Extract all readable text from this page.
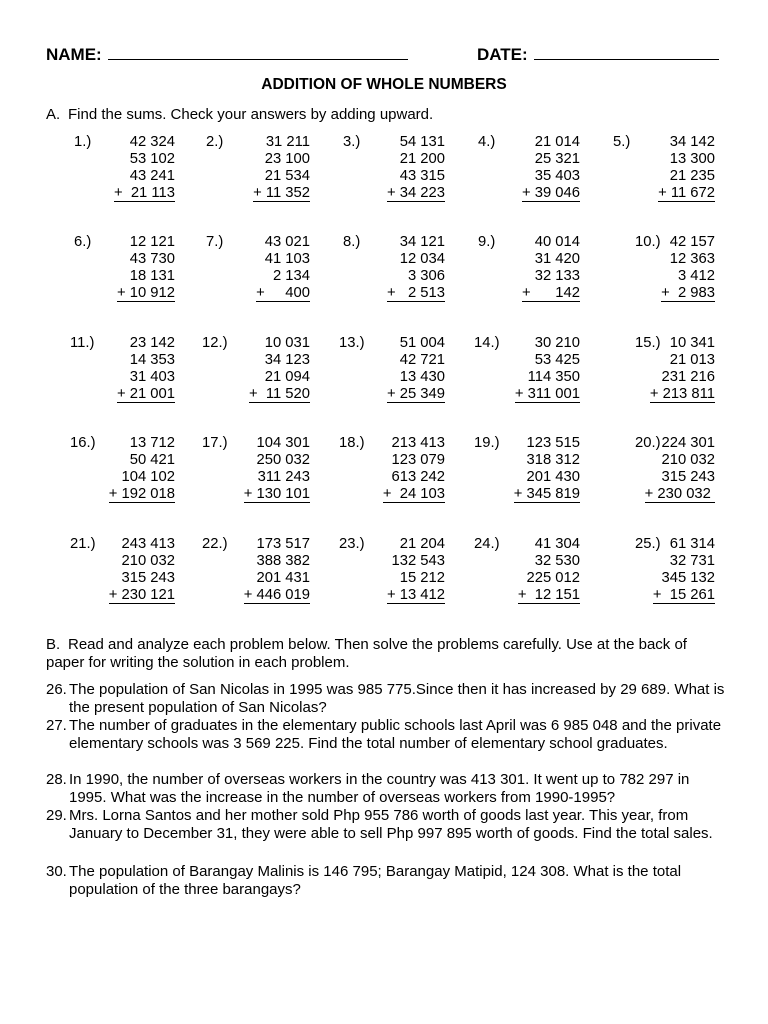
NAME:	DATE:
ADDITION OF WHOLE NUMBERS
A. Find the sums. Check your answers by adding upward.
1.)	42 324
53 102
43 241
+  21 113
2.)	31 211
23 100
21 534
+ 11 352
3.)	54 131
21 200
43 315
+ 34 223
4.)	21 014
25 321
35 403
+ 39 046
5.)	34 142
13 300
21 235
+ 11 672
6.)	12 121
43 730
18 131
+ 10 912
7.)	43 021
41 103
2 134
+     400
8.)	34 121
12 034
3 306
+   2 513
9.)	40 014
31 420
32 133
+      142
10.) 42 157
12 363
3 412
+  2 983
11.)	23 142
14 353
31 403
+ 21 001
12.)	10 031
34 123
21 094
+  11 520
13.)	51 004
42 721
13 430
+ 25 349
14.)	30 210
53 425
114 350
+ 311 001
15.) 10 341
21 013
231 216
+ 213 811
16.)	13 712
50 421
104 102
+ 192 018
17.)	104 301
250 032
311 243
+ 130 101
18.)	213 413
123 079
613 242
+  24 103
19.)	123 515
318 312
201 430
+ 345 819
20.) 224 301
210 032
315 243
+ 230 032
21.)	243 413
210 032
315 243
+ 230 121
22.)	173 517
388 382
201 431
+ 446 019
23.)	21 204
132 543
15 212
+ 13 412
24.)	41 304
32 530
225 012
+  12 151
25.) 61 314
32 731
345 132
+  15 261
B. Read and analyze each problem below. Then solve the problems carefully. Use at the back of paper for writing the solution in each problem.
26. The population of San Nicolas in 1995 was 985 775.Since then it has increased by 29 689. What is the present population of San Nicolas?
27. The number of graduates in the elementary public schools last April was 6 985 048 and the private elementary schools was 3 569 225. Find the total number of elementary school graduates.
28. In 1990, the number of overseas workers in the country was 413 301. It went up to 782 297 in 1995. What was the increase in the number of overseas workers from 1990-1995?
29. Mrs. Lorna Santos and her mother sold Php 955 786 worth of goods last year. This year, from January to December 31, they were able to sell Php 997 895 worth of goods. Find the total sales.
30. The population of Barangay Malinis is 146 795; Barangay Matipid, 124 308. What is the total population of the three barangays?
